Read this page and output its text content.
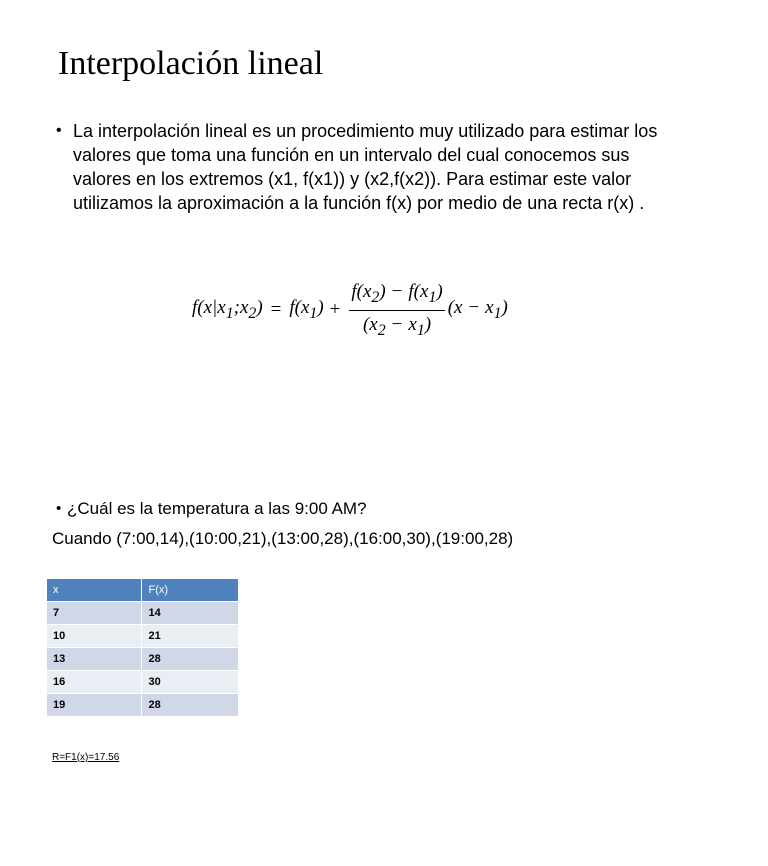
Interpolación lineal
• La interpolación lineal es un procedimiento muy utilizado para estimar los valores que toma una función en un intervalo del cual conocemos sus valores en los extremos (x1, f(x1)) y (x2,f(x2)). Para estimar este valor utilizamos la aproximación a la función f(x) por medio de una recta r(x) .
$f(x|x_1;x_2) = f(x_1) + \frac{f(x_2) - f(x_1)}{(x_2 - x_1)} (x - x_1)$
• ¿Cuál es la temperatura a las 9:00 AM?
Cuando (7:00,14),(10:00,21),(13:00,28),(16:00,30),(19:00,28)
x	F(x)
7	14
10	21
13	28
16	30
19	28
R=F1(x)=17.56
